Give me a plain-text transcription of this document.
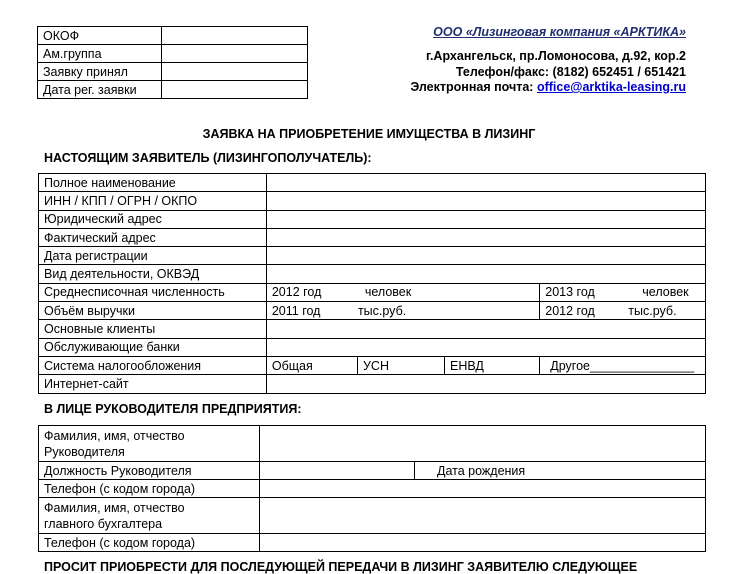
ОКОФ	
Ам.группа	
Заявку принял	
Дата рег. заявки	
ООО «Лизинговая компания «АРКТИКА»
г.Архангельск, пр.Ломоносова, д.92, кор.2
Телефон/факс: (8182) 652451 / 651421
Электронная почта: office@arktika-leasing.ru
ЗАЯВКА НА ПРИОБРЕТЕНИЕ ИМУЩЕСТВА В ЛИЗИНГ
НАСТОЯЩИМ ЗАЯВИТЕЛЬ (ЛИЗИНГОПОЛУЧАТЕЛЬ):
Полное наименование				
ИНН / КПП / ОГРН / ОКПО				
Юридический адрес				
Фактический адрес				
Дата регистрации				
Вид деятельности, ОКВЭД				
Среднесписочная численность	2012 год человек			2013 год человек
Объём выручки	2011 год тыс.руб.			2012 год тыс.руб.
Основные клиенты				
Обслуживающие банки				
Система налогообложения	Общая	УСН	ЕНВД	Другое_______________
Интернет-сайт				
В ЛИЦЕ РУКОВОДИТЕЛЯ ПРЕДПРИЯТИЯ:
Фамилия, имя, отчество
Руководителя		

Должность Руководителя		Дата рождения
Телефон (с кодом города)		

Фамилия, имя, отчество
главного бухгалтера		

Телефон (с кодом города)		
ПРОСИТ ПРИОБРЕСТИ ДЛЯ ПОСЛЕДУЮЩЕЙ ПЕРЕДАЧИ В ЛИЗИНГ ЗАЯВИТЕЛЮ СЛЕДУЮЩЕЕ
